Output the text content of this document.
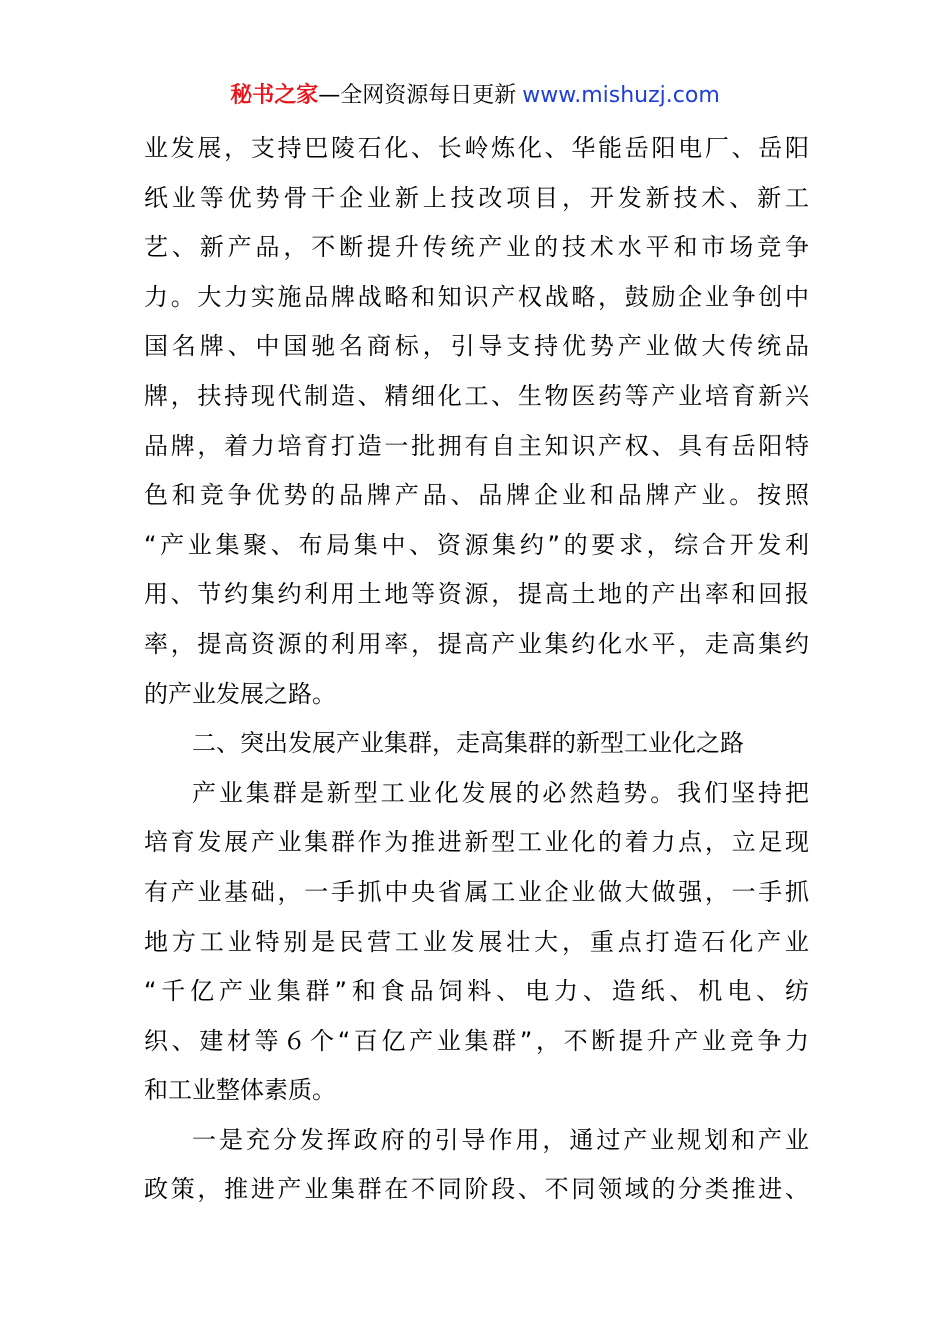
秘书之家—全网资源每日更新 www.mishuzj.com
业发展，支持巴陵石化、长岭炼化、华能岳阳电厂、岳阳
纸业等优势骨干企业新上技改项目，开发新技术、新工
艺、新产品，不断提升传统产业的技术水平和市场竞争
力。大力实施品牌战略和知识产权战略，鼓励企业争创中
国名牌、中国驰名商标，引导支持优势产业做大传统品
牌，扶持现代制造、精细化工、生物医药等产业培育新兴
品牌，着力培育打造一批拥有自主知识产权、具有岳阳特
色和竞争优势的品牌产品、品牌企业和品牌产业。按照
“产业集聚、布局集中、资源集约”的要求，综合开发利
用、节约集约利用土地等资源，提高土地的产出率和回报
率，提高资源的利用率，提高产业集约化水平，走高集约
的产业发展之路。
二、突出发展产业集群，走高集群的新型工业化之路
产业集群是新型工业化发展的必然趋势。我们坚持把
培育发展产业集群作为推进新型工业化的着力点，立足现
有产业基础，一手抓中央省属工业企业做大做强，一手抓
地方工业特别是民营工业发展壮大，重点打造石化产业
“千亿产业集群”和食品饲料、电力、造纸、机电、纺
织、建材等６个“百亿产业集群”，不断提升产业竞争力
和工业整体素质。
一是充分发挥政府的引导作用，通过产业规划和产业
政策，推进产业集群在不同阶段、不同领域的分类推进、
